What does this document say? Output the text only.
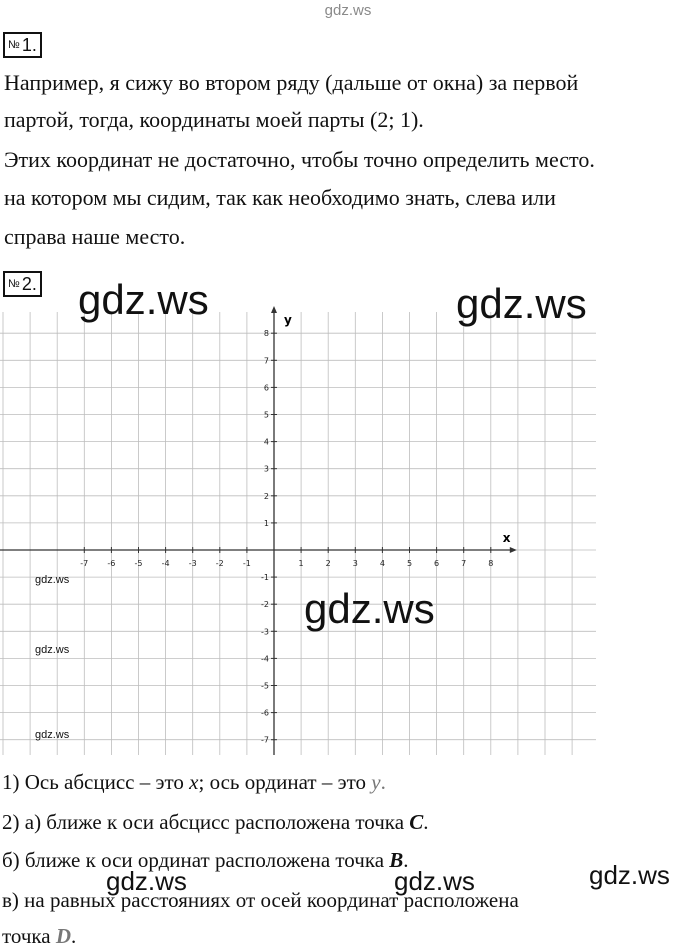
gdz.ws
№ 1.
Например, я сижу во втором ряду (дальше от окна) за первой
партой, тогда, координаты моей парты (2; 1).
Этих координат не достаточно, чтобы точно определить место.
на котором мы сидим, так как необходимо знать, слева или
справа наше место.
№ 2.
x
y
-7 -6 -5 -4 -3 -2 -1	1	2	3	4	5	6	7	8
8
7
6
5
4
3
2
1
-1
-2
-3
-4
-5
-6
-7
gdz.ws	gdz.ws
gdz.ws
gdz.ws
gdz.ws
gdz.ws
1) Ось абсцисс – это x; ось ординат – это y.
2) а) ближе к оси абсцисс расположена точка C.
б) ближе к оси ординат расположена точка B.
в) на равных расстояниях от осей координат расположена
точка D.
gdz.ws	gdz.ws	gdz.ws
